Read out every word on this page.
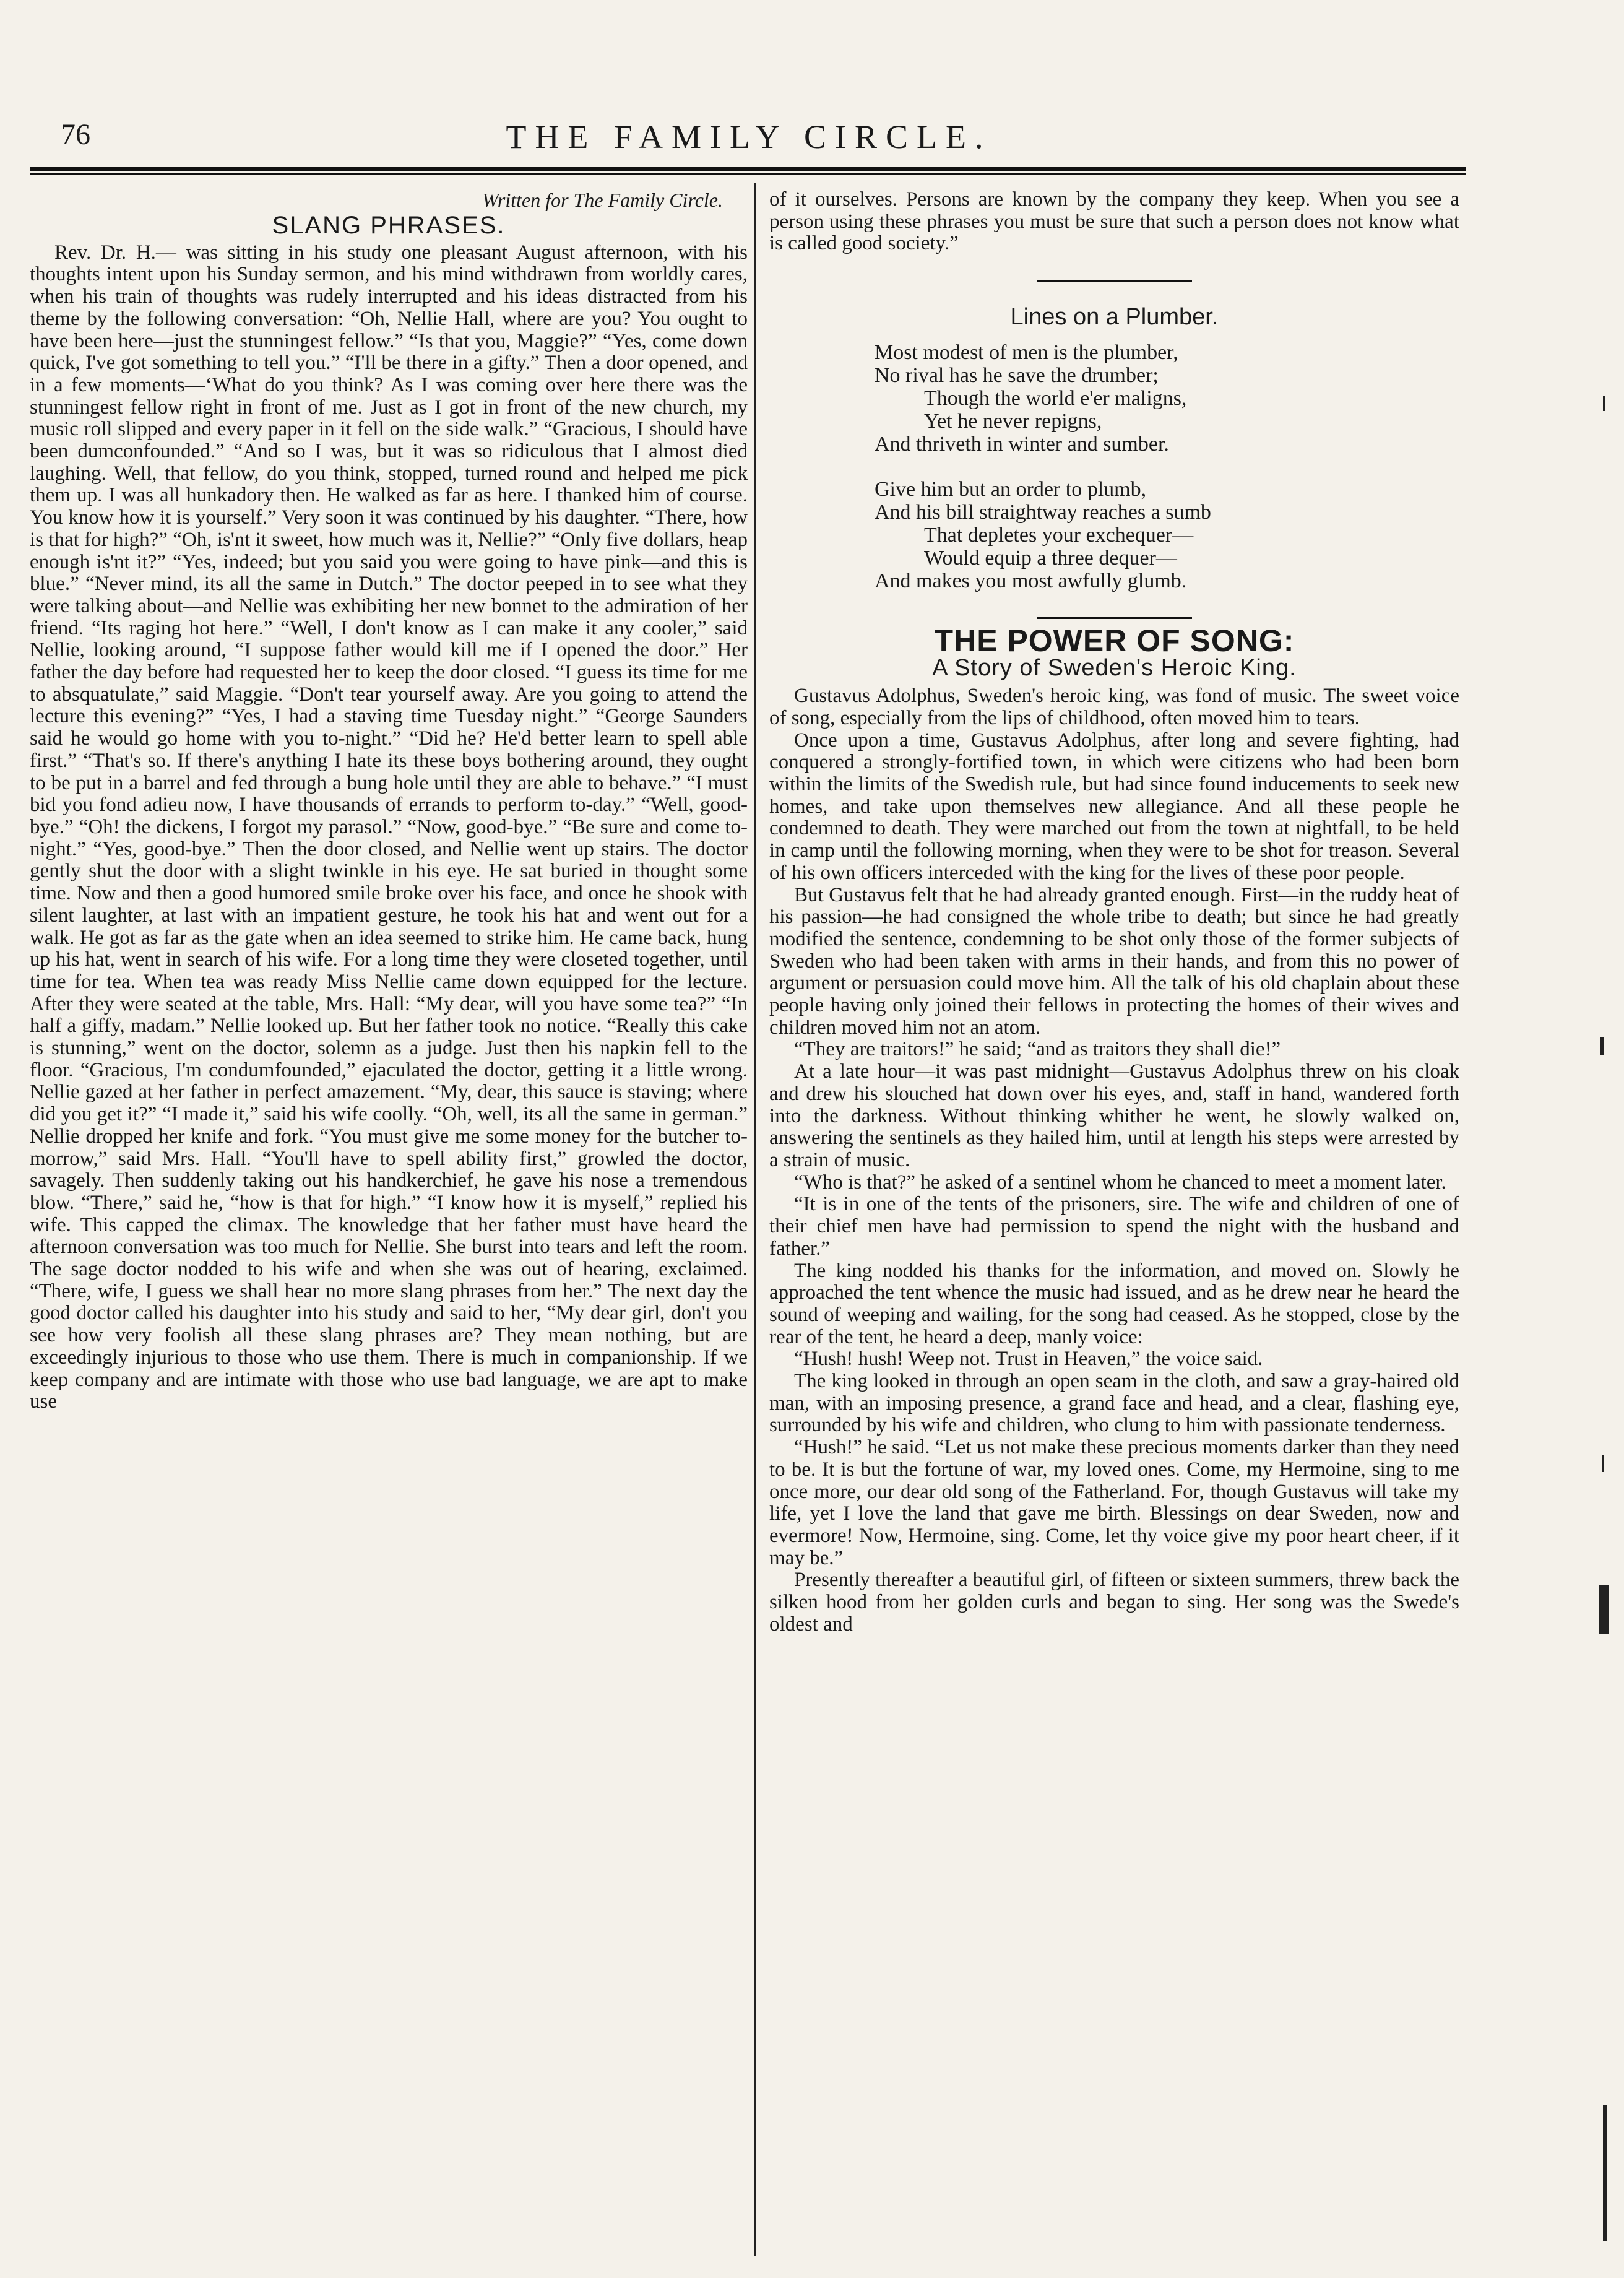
76	THE FAMILY CIRCLE.
Written for The Family Circle.
SLANG PHRASES.

Rev. Dr. H.— was sitting in his study one pleasant August afternoon, with his thoughts intent upon his Sunday sermon, and his mind withdrawn from worldly cares, when his train of thoughts was rudely interrupted and his ideas distracted from his theme by the following conversation: “Oh, Nellie Hall, where are you? You ought to have been here—just the stunningest fellow.” “Is that you, Maggie?” “Yes, come down quick, I've got something to tell you.” “I'll be there in a gifty.” Then a door opened, and in a few moments—‘What do you think? As I was coming over here there was the stunningest fellow right in front of me. Just as I got in front of the new church, my music roll slipped and every paper in it fell on the side walk.” “Gracious, I should have been dumconfounded.” “And so I was, but it was so ridiculous that I almost died laughing. Well, that fellow, do you think, stopped, turned round and helped me pick them up. I was all hunkadory then. He walked as far as here. I thanked him of course. You know how it is yourself.” Very soon it was continued by his daughter. “There, how is that for high?” “Oh, is'nt it sweet, how much was it, Nellie?” “Only five dollars, heap enough is'nt it?” “Yes, indeed; but you said you were going to have pink—and this is blue.” “Never mind, its all the same in Dutch.” The doctor peeped in to see what they were talking about—and Nellie was exhibiting her new bonnet to the admiration of her friend. “Its raging hot here.” “Well, I don't know as I can make it any cooler,” said Nellie, looking around, “I suppose father would kill me if I opened the door.” Her father the day before had requested her to keep the door closed. “I guess its time for me to absquatulate,” said Maggie. “Don't tear yourself away. Are you going to attend the lecture this evening?” “Yes, I had a staving time Tuesday night.” “George Saunders said he would go home with you to-night.” “Did he? He'd better learn to spell able first.” “That's so. If there's anything I hate its these boys bothering around, they ought to be put in a barrel and fed through a bung hole until they are able to behave.” “I must bid you fond adieu now, I have thousands of errands to perform to-day.” “Well, good-bye.” “Oh! the dickens, I forgot my parasol.” “Now, good-bye.” “Be sure and come to-night.” “Yes, good-bye.” Then the door closed, and Nellie went up stairs. The doctor gently shut the door with a slight twinkle in his eye. He sat buried in thought some time. Now and then a good humored smile broke over his face, and once he shook with silent laughter, at last with an impatient gesture, he took his hat and went out for a walk. He got as far as the gate when an idea seemed to strike him. He came back, hung up his hat, went in search of his wife. For a long time they were closeted together, until time for tea. When tea was ready Miss Nellie came down equipped for the lecture. After they were seated at the table, Mrs. Hall: “My dear, will you have some tea?” “In half a giffy, madam.” Nellie looked up. But her father took no notice. “Really this cake is stunning,” went on the doctor, solemn as a judge. Just then his napkin fell to the floor. “Gracious, I'm condumfounded,” ejaculated the doctor, getting it a little wrong. Nellie gazed at her father in perfect amazement. “My, dear, this sauce is staving; where did you get it?” “I made it,” said his wife coolly. “Oh, well, its all the same in german.” Nellie dropped her knife and fork. “You must give me some money for the butcher to-morrow,” said Mrs. Hall. “You'll have to spell ability first,” growled the doctor, savagely. Then suddenly taking out his handkerchief, he gave his nose a tremendous blow. “There,” said he, “how is that for high.” “I know how it is myself,” replied his wife. This capped the climax. The knowledge that her father must have heard the afternoon conversation was too much for Nellie. She burst into tears and left the room. The sage doctor nodded to his wife and when she was out of hearing, exclaimed. “There, wife, I guess we shall hear no more slang phrases from her.” The next day the good doctor called his daughter into his study and said to her, “My dear girl, don't you see how very foolish all these slang phrases are? They mean nothing, but are exceedingly injurious to those who use them. There is much in companionship. If we keep company and are intimate with those who use bad language, we are apt to make use

of it ourselves. Persons are known by the company they keep. When you see a person using these phrases you must be sure that such a person does not know what is called good society.”

Lines on a Plumber.
Most modest of men is the plumber,
No rival has he save the drumber;
Though the world e'er maligns,
Yet he never repigns,
And thriveth in winter and sumber.
Give him but an order to plumb,
And his bill straightway reaches a sumb
That depletes your exchequer—
Would equip a three dequer—
And makes you most awfully glumb.
THE POWER OF SONG:
A Story of Sweden's Heroic King.

Gustavus Adolphus, Sweden's heroic king, was fond of music. The sweet voice of song, especially from the lips of childhood, often moved him to tears.

Once upon a time, Gustavus Adolphus, after long and severe fighting, had conquered a strongly-fortified town, in which were citizens who had been born within the limits of the Swedish rule, but had since found inducements to seek new homes, and take upon themselves new allegiance. And all these people he condemned to death. They were marched out from the town at nightfall, to be held in camp until the following morning, when they were to be shot for treason. Several of his own officers interceded with the king for the lives of these poor people.

But Gustavus felt that he had already granted enough. First—in the ruddy heat of his passion—he had consigned the whole tribe to death; but since he had greatly modified the sentence, condemning to be shot only those of the former subjects of Sweden who had been taken with arms in their hands, and from this no power of argument or persuasion could move him. All the talk of his old chaplain about these people having only joined their fellows in protecting the homes of their wives and children moved him not an atom.

“They are traitors!” he said; “and as traitors they shall die!”

At a late hour—it was past midnight—Gustavus Adolphus threw on his cloak and drew his slouched hat down over his eyes, and, staff in hand, wandered forth into the darkness. Without thinking whither he went, he slowly walked on, answering the sentinels as they hailed him, until at length his steps were arrested by a strain of music.

“Who is that?” he asked of a sentinel whom he chanced to meet a moment later.

“It is in one of the tents of the prisoners, sire. The wife and children of one of their chief men have had permission to spend the night with the husband and father.”

The king nodded his thanks for the information, and moved on. Slowly he approached the tent whence the music had issued, and as he drew near he heard the sound of weeping and wailing, for the song had ceased. As he stopped, close by the rear of the tent, he heard a deep, manly voice:

“Hush! hush! Weep not. Trust in Heaven,” the voice said.

The king looked in through an open seam in the cloth, and saw a gray-haired old man, with an imposing presence, a grand face and head, and a clear, flashing eye, surrounded by his wife and children, who clung to him with passionate tenderness.

“Hush!” he said. “Let us not make these precious moments darker than they need to be. It is but the fortune of war, my loved ones. Come, my Hermoine, sing to me once more, our dear old song of the Fatherland. For, though Gustavus will take my life, yet I love the land that gave me birth. Blessings on dear Sweden, now and evermore! Now, Hermoine, sing. Come, let thy voice give my poor heart cheer, if it may be.”

Presently thereafter a beautiful girl, of fifteen or sixteen summers, threw back the silken hood from her golden curls and began to sing. Her song was the Swede's oldest and
